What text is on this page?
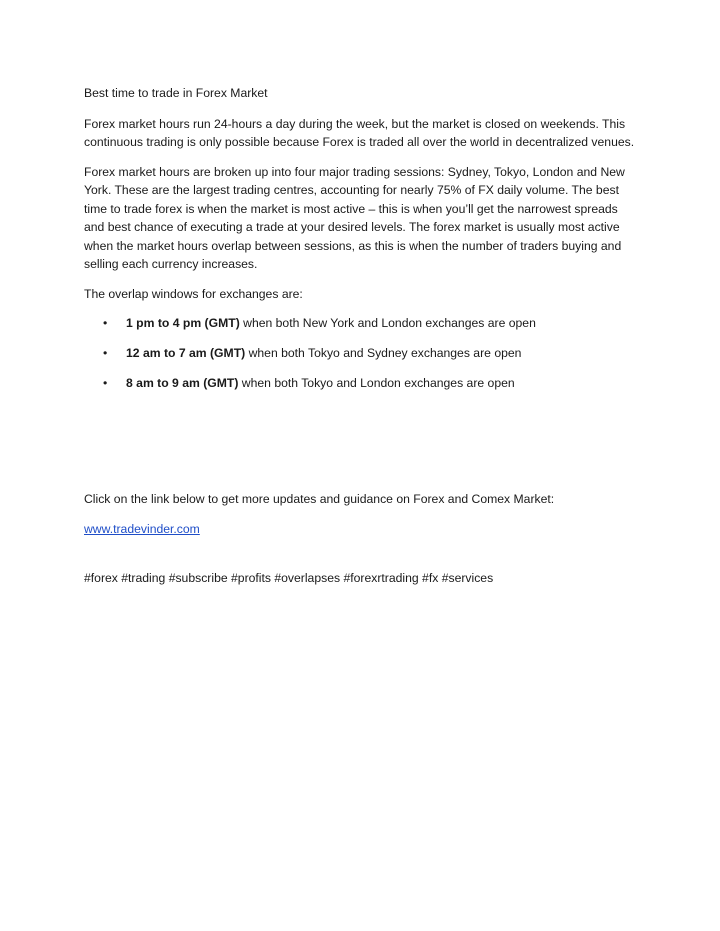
Best time to trade in Forex Market

Forex market hours run 24-hours a day during the week, but the market is closed on weekends. This continuous trading is only possible because Forex is traded all over the world in decentralized venues.

Forex market hours are broken up into four major trading sessions: Sydney, Tokyo, London and New York. These are the largest trading centres, accounting for nearly 75% of FX daily volume. The best time to trade forex is when the market is most active – this is when you’ll get the narrowest spreads and best chance of executing a trade at your desired levels. The forex market is usually most active when the market hours overlap between sessions, as this is when the number of traders buying and selling each currency increases.

The overlap windows for exchanges are:

• 1 pm to 4 pm (GMT) when both New York and London exchanges are open
• 12 am to 7 am (GMT) when both Tokyo and Sydney exchanges are open
• 8 am to 9 am (GMT) when both Tokyo and London exchanges are open

Click on the link below to get more updates and guidance on Forex and Comex Market:

www.tradevinder.com

#forex #trading #subscribe #profits #overlapses #forexrtrading #fx #services
